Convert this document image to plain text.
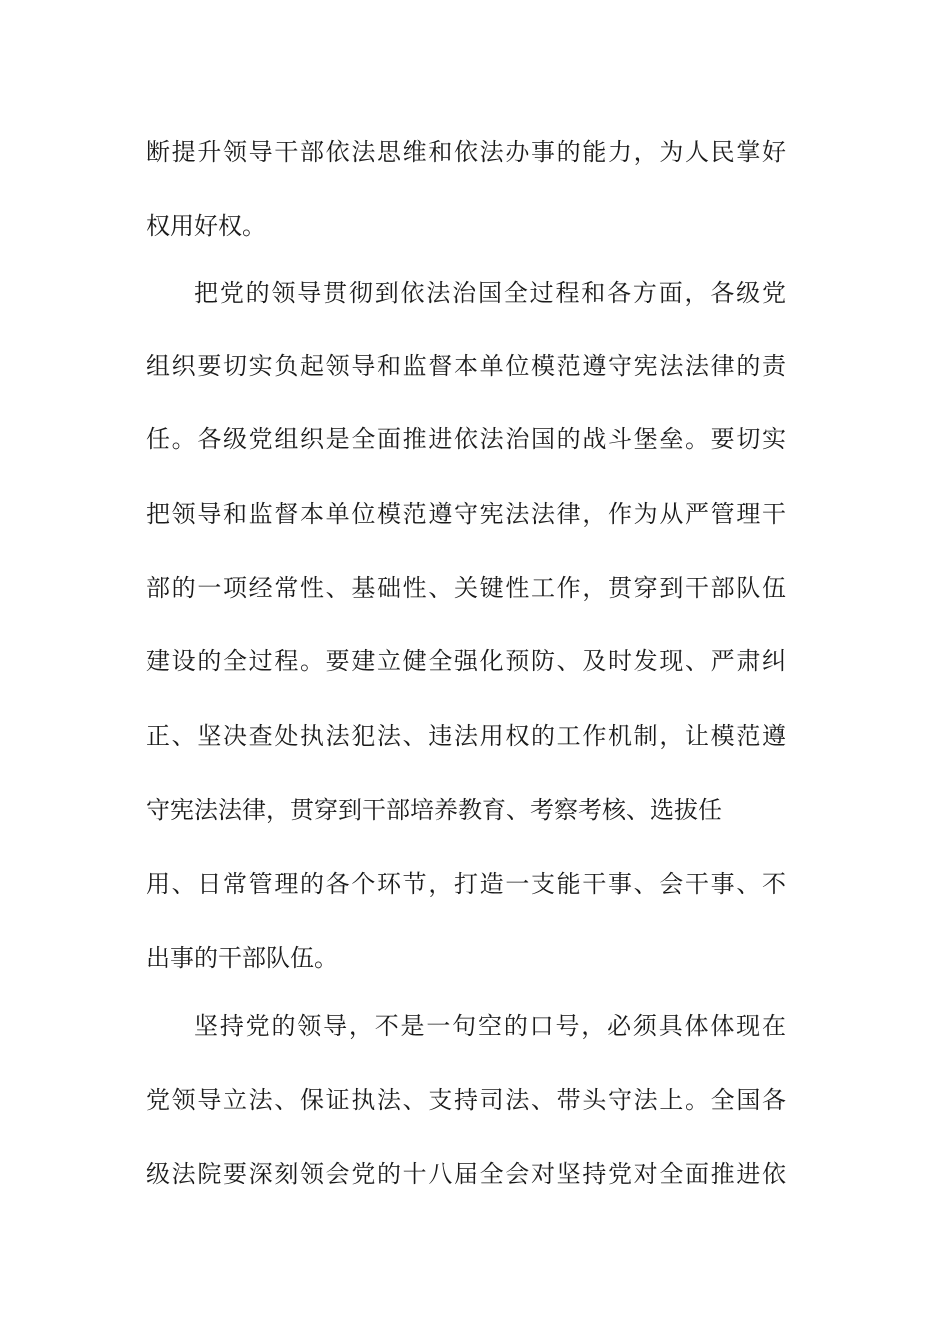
断提升领导干部依法思维和依法办事的能力，为人民掌好
权用好权。
把党的领导贯彻到依法治国全过程和各方面，各级党
组织要切实负起领导和监督本单位模范遵守宪法法律的责
任。各级党组织是全面推进依法治国的战斗堡垒。要切实
把领导和监督本单位模范遵守宪法法律，作为从严管理干
部的一项经常性、基础性、关键性工作，贯穿到干部队伍
建设的全过程。要建立健全强化预防、及时发现、严肃纠
正、坚决查处执法犯法、违法用权的工作机制，让模范遵
守宪法法律，贯穿到干部培养教育、考察考核、选拔任
用、日常管理的各个环节，打造一支能干事、会干事、不
出事的干部队伍。
坚持党的领导，不是一句空的口号，必须具体体现在
党领导立法、保证执法、支持司法、带头守法上。全国各
级法院要深刻领会党的十八届全会对坚持党对全面推进依
